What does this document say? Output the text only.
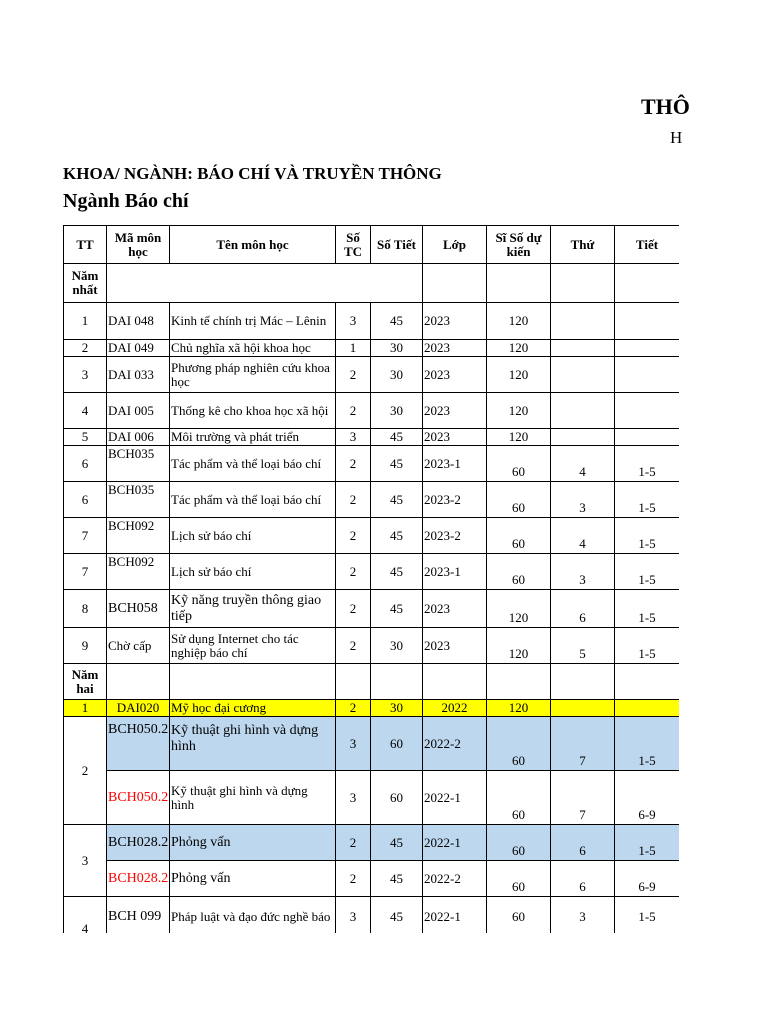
THÔ
H
KHOA/ NGÀNH: BÁO CHÍ VÀ TRUYỀN THÔNG
Ngành Báo chí
TT	Mã môn học	Tên môn học	Số TC	Số Tiết	Lớp	Sĩ Số dự kiến	Thứ	Tiết
Năm nhất								
1	DAI 048	Kinh tế chính trị Mác – Lênin	3	45	2023	120		
2	DAI 049	Chủ nghĩa xã hội khoa học	1	30	2023	120		
3	DAI 033	Phương pháp nghiên cứu khoa học	2	30	2023	120		
4	DAI 005	Thống kê cho khoa học xã hội	2	30	2023	120		
5	DAI 006	Môi trường và phát triển	3	45	2023	120		
6	BCH035	Tác phẩm và thể loại báo chí	2	45	2023-1	60	4	1-5
6	BCH035	Tác phẩm và thể loại báo chí	2	45	2023-2	60	3	1-5
7	BCH092	Lịch sử báo chí	2	45	2023-2	60	4	1-5
7	BCH092	Lịch sử báo chí	2	45	2023-1	60	3	1-5
8	BCH058	Kỹ năng truyền thông giao tiếp	2	45	2023	120	6	1-5
9	Chờ cấp	Sử dụng Internet cho tác nghiệp báo chí	2	30	2023	120	5	1-5
Năm hai								
1	DAI020	Mỹ học đại cương	2	30	2022	120		
2	BCH050.2	Kỹ thuật ghi hình và dựng hình	3	60	2022-2	60	7	1-5
	BCH050.2	Kỹ thuật ghi hình và dựng hình	3	60	2022-1	60	7	6-9
3	BCH028.2	Phỏng vấn	2	45	2022-1	60	6	1-5
	BCH028.2	Phỏng vấn	2	45	2022-2	60	6	6-9
4	BCH 099	Pháp luật và đạo đức nghề báo	3	45	2022-1	60	3	1-5
